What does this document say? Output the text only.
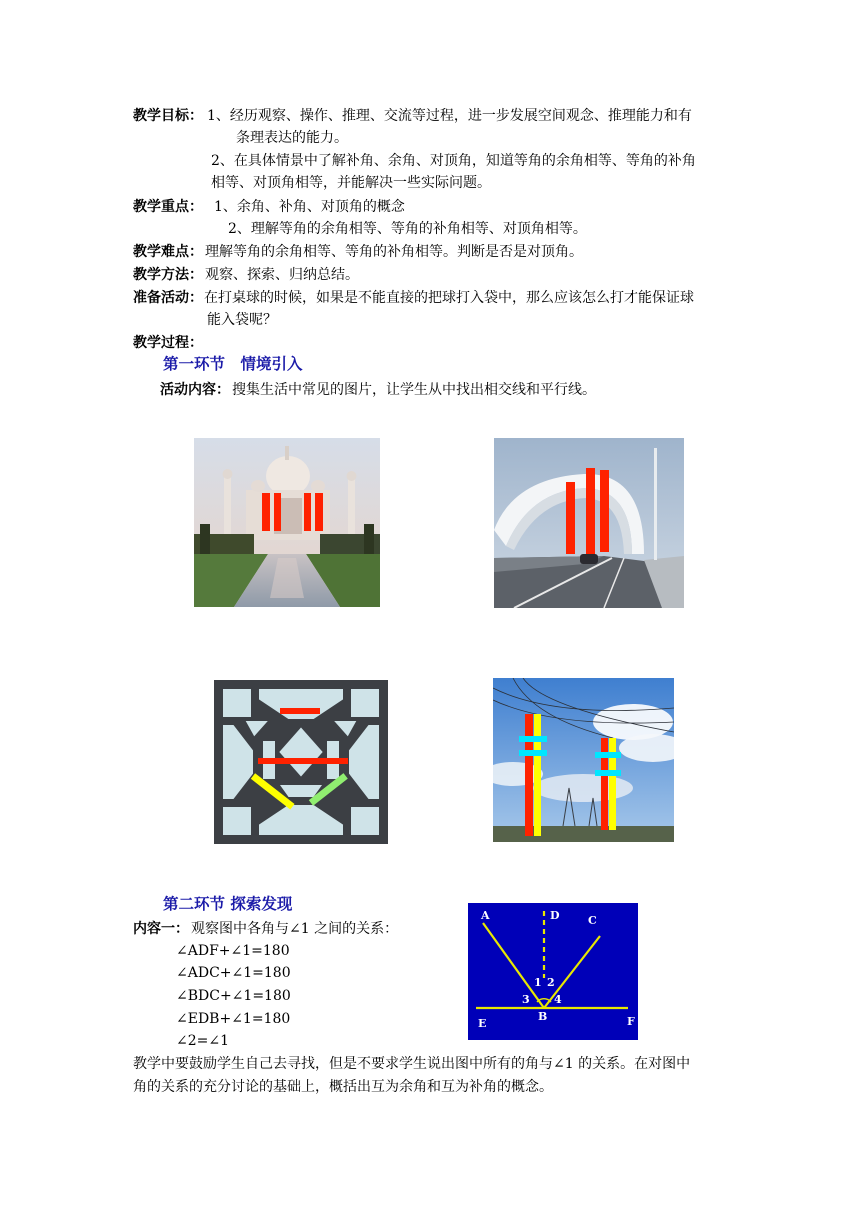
教学目标： 1、经历观察、操作、推理、交流等过程，进一步发展空间观念、推理能力和有
条理表达的能力。
2、在具体情景中了解补角、余角、对顶角，知道等角的余角相等、等角的补角
相等、对顶角相等，并能解决一些实际问题。
教学重点： 1、余角、补角、对顶角的概念
2、理解等角的余角相等、等角的补角相等、对顶角相等。
教学难点： 理解等角的余角相等、等角的补角相等。判断是否是对顶角。
教学方法： 观察、探索、归纳总结。
准备活动： 在打桌球的时候，如果是不能直接的把球打入袋中，那么应该怎么打才能保证球
能入袋呢？
教学过程：
第一环节　情境引入
活动内容： 搜集生活中常见的图片，让学生从中找出相交线和平行线。
第二环节 探索发现
内容一： 观察图中各角与∠1 之间的关系：
∠ADF+∠1=180
∠ADC+∠1=180
∠BDC+∠1=180
∠EDB+∠1=180
∠2=∠1
教学中要鼓励学生自己去寻找，但是不要求学生说出图中所有的角与∠1 的关系。在对图中
角的关系的充分讨论的基础上，概括出互为余角和互为补角的概念。
A	D	C
E	F
B
1 2
3 4
